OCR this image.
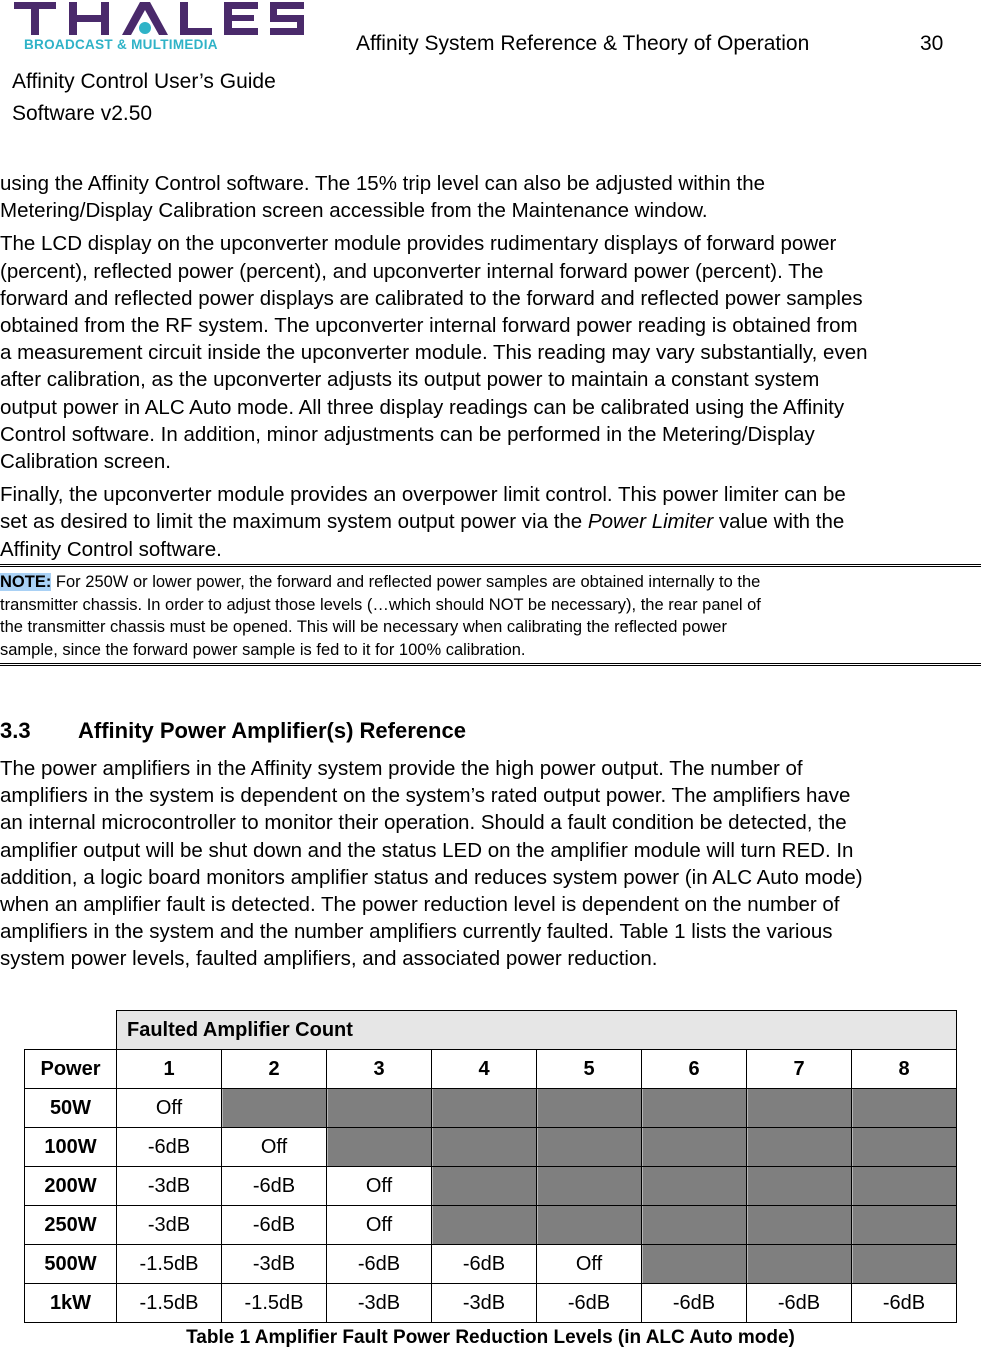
BROADCAST & MULTIMEDIA
Affinity Control User’s Guide
Software v2.50
Affinity System Reference & Theory of Operation	30

using the Affinity Control software. The 15% trip level can also be adjusted within the
Metering/Display Calibration screen accessible from the Maintenance window.

The LCD display on the upconverter module provides rudimentary displays of forward power
(percent), reflected power (percent), and upconverter internal forward power (percent). The
forward and reflected power displays are calibrated to the forward and reflected power samples
obtained from the RF system. The upconverter internal forward power reading is obtained from
a measurement circuit inside the upconverter module. This reading may vary substantially, even
after calibration, as the upconverter adjusts its output power to maintain a constant system
output power in ALC Auto mode. All three display readings can be calibrated using the Affinity
Control software. In addition, minor adjustments can be performed in the Metering/Display
Calibration screen.

Finally, the upconverter module provides an overpower limit control. This power limiter can be
set as desired to limit the maximum system output power via the Power Limiter value with the
Affinity Control software.

NOTE: For 250W or lower power, the forward and reflected power samples are obtained internally to the
transmitter chassis. In order to adjust those levels (…which should NOT be necessary), the rear panel of
the transmitter chassis must be opened. This will be necessary when calibrating the reflected power
sample, since the forward power sample is fed to it for 100% calibration.
3.3 Affinity Power Amplifier(s) Reference

The power amplifiers in the Affinity system provide the high power output. The number of
amplifiers in the system is dependent on the system’s rated output power. The amplifiers have
an internal microcontroller to monitor their operation. Should a fault condition be detected, the
amplifier output will be shut down and the status LED on the amplifier module will turn RED. In
addition, a logic board monitors amplifier status and reduces system power (in ALC Auto mode)
when an amplifier fault is detected. The power reduction level is dependent on the number of
amplifiers in the system and the number amplifiers currently faulted. Table 1 lists the various
system power levels, faulted amplifiers, and associated power reduction.

	Faulted Amplifier Count							
Power	1	2	3	4	5	6	7	8
50W	Off							
100W	-6dB	Off						
200W	-3dB	-6dB	Off					
250W	-3dB	-6dB	Off					
500W	-1.5dB	-3dB	-6dB	-6dB	Off			
1kW	-1.5dB	-1.5dB	-3dB	-3dB	-6dB	-6dB	-6dB	-6dB
Table 1 Amplifier Fault Power Reduction Levels (in ALC Auto mode)
